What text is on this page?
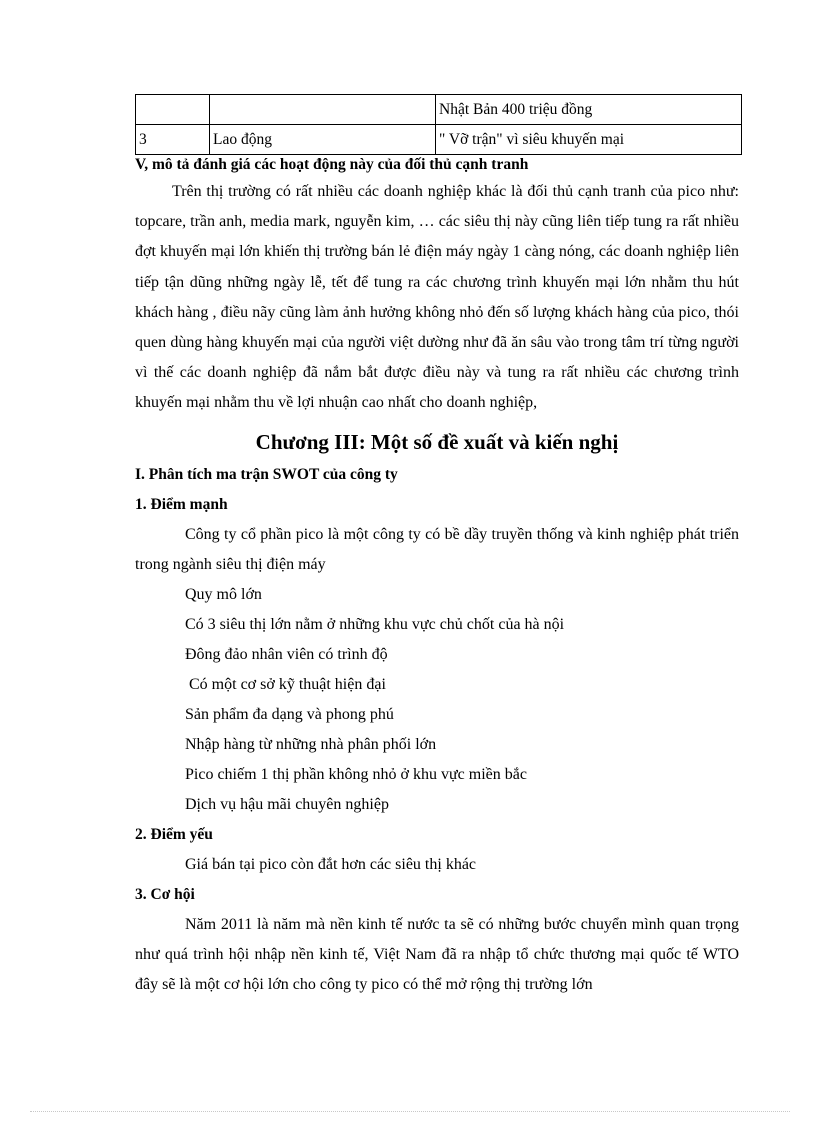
		Nhật Bản 400 triệu đồng
3	Lao động	" Vỡ trận" vì siêu khuyến mại

V, mô tả đánh giá các hoạt động này của đối thủ cạnh tranh

Trên thị trường có rất nhiều các doanh nghiệp khác là đối thủ cạnh tranh của pico như: topcare, trần anh, media mark, nguyễn kim, … các siêu thị này cũng liên tiếp tung ra rất nhiều đợt khuyến mại lớn khiến thị trường bán lẻ điện máy ngày 1 càng nóng, các doanh nghiệp liên tiếp tận dũng những ngày lễ, tết để tung ra các chương trình khuyến mại lớn nhằm thu hút khách hàng , điều nãy cũng làm ảnh hưởng không nhỏ đến số lượng khách hàng của pico, thói quen dùng hàng khuyến mại của người việt dường như đã ăn sâu vào trong tâm trí từng người vì thế các doanh nghiệp đã nắm bắt được điều này và tung ra rất nhiều các chương trình khuyến mại nhằm thu về lợi nhuận cao nhất cho doanh nghiệp,

Chương III: Một số đề xuất và kiến nghị

I. Phân tích ma trận SWOT của công ty

1. Điểm mạnh

Công ty cổ phần pico là một công ty có bề dầy truyền thống và kinh nghiệp phát triển trong ngành siêu thị điện máy

Quy mô lớn

Có 3 siêu thị lớn nằm ở những khu vực chủ chốt của hà nội

Đông đảo nhân viên có trình độ

Có một cơ sở kỹ thuật hiện đại

Sản phẩm đa dạng và phong phú

Nhập hàng từ những nhà phân phối lớn

Pico chiếm 1 thị phần không nhỏ ở khu vực miền bắc

Dịch vụ hậu mãi chuyên nghiệp

2. Điểm yếu

Giá bán tại pico còn đắt hơn các siêu thị khác

3. Cơ hội

Năm 2011 là năm mà nền kinh tế nước ta sẽ có những bước chuyển mình quan trọng như quá trình hội nhập nền kinh tế, Việt Nam đã ra nhập tổ chức thương mại quốc tế WTO đây sẽ là một cơ hội lớn cho công ty pico có thể mở rộng thị trường lớn
